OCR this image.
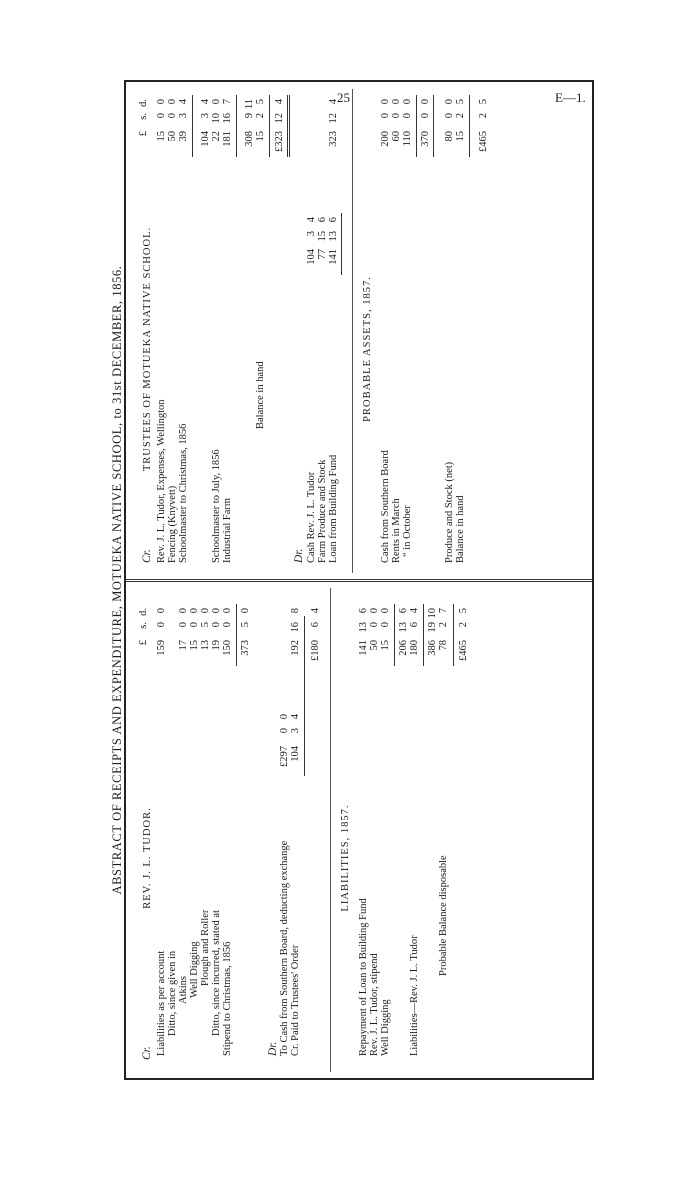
25	E—1.
ABSTRACT OF RECEIPTS AND EXPENDITURE, MOTUEKA NATIVE SCHOOL, to 31st DECEMBER, 1856.
Cr.
REV. J. L. TUDOR.
£s.d.
Liabilities as per account
15900
Ditto, since given in Atkins
1700
Well Digging
1500
Plough and Roller
1350
Ditto, since incurred, stated at
1900
Stipend to Christmas, 1856
15000
37350
Dr. To Cash from Southern Board, deducting exchange
£29700
Cr. Paid to Trustees' Order
10434
192168
£18064
LIABILITIES, 1857.
Repayment of Loan to Building Fund
141136
Rev. J. L. Tudor, stipend
5000
Well Digging
1500
206136
Liabilities—Rev. J. L. Tudor
18064
3861910
Probable Balance disposable
7827
£46525
Cr.
TRUSTEES OF MOTUEKA NATIVE SCHOOL.
£s.d.
Rev. J. L. Tudor, Expenses, Wellington
1500
Fencing (Knyvett)
5000
Schoolmaster to Christmas, 1856
3934
10434
Schoolmaster to July, 1856
22100
Industrial Farm
181167
308911
Balance in hand
1525
£323124
Dr. Cash Rev. J. L. Tudor
10434
Farm Produce and Stock
77156
Loan from Building Fund
141136
323124
PROBABLE ASSETS, 1857.
Cash from Southern Board
20000
Rents in March
6000
“ in October
11000
37000
Produce and Stock (net)
8000
Balance in hand
1525
£46525
